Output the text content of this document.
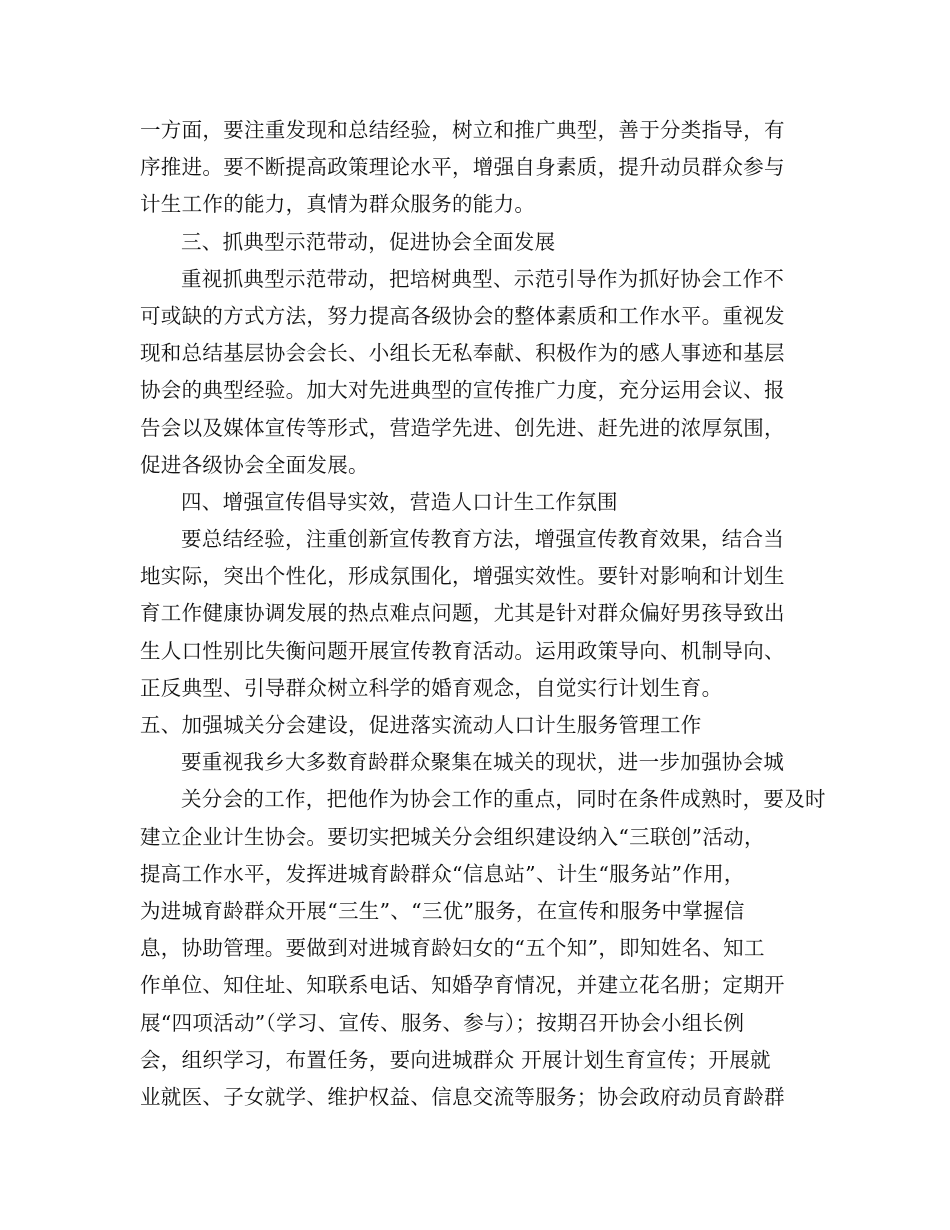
一方面，要注重发现和总结经验，树立和推广典型，善于分类指导，有
序推进。要不断提高政策理论水平，增强自身素质，提升动员群众参与
计生工作的能力，真情为群众服务的能力。
三、抓典型示范带动，促进协会全面发展
重视抓典型示范带动，把培树典型、示范引导作为抓好协会工作不
可或缺的方式方法，努力提高各级协会的整体素质和工作水平。重视发
现和总结基层协会会长、小组长无私奉献、积极作为的感人事迹和基层
协会的典型经验。加大对先进典型的宣传推广力度，充分运用会议、报
告会以及媒体宣传等形式，营造学先进、创先进、赶先进的浓厚氛围，
促进各级协会全面发展。
四、增强宣传倡导实效，营造人口计生工作氛围
要总结经验，注重创新宣传教育方法，增强宣传教育效果，结合当
地实际，突出个性化，形成氛围化，增强实效性。要针对影响和计划生
育工作健康协调发展的热点难点问题，尤其是针对群众偏好男孩导致出
生人口性别比失衡问题开展宣传教育活动。运用政策导向、机制导向、
正反典型、引导群众树立科学的婚育观念，自觉实行计划生育。
五、加强城关分会建设，促进落实流动人口计生服务管理工作
要重视我乡大多数育龄群众聚集在城关的现状，进一步加强协会城
关分会的工作，把他作为协会工作的重点，同时在条件成熟时，要及时
建立企业计生协会。要切实把城关分会组织建设纳入“三联创”活动，
提高工作水平，发挥进城育龄群众“信息站”、计生“服务站”作用，
为进城育龄群众开展“三生”、“三优”服务，在宣传和服务中掌握信
息，协助管理。要做到对进城育龄妇女的“五个知”，即知姓名、知工
作单位、知住址、知联系电话、知婚孕育情况，并建立花名册；定期开
展“四项活动”（学习、宣传、服务、参与）；按期召开协会小组长例
会，组织学习，布置任务，要向进城群众 开展计划生育宣传；开展就
业就医、子女就学、维护权益、信息交流等服务；协会政府动员育龄群
